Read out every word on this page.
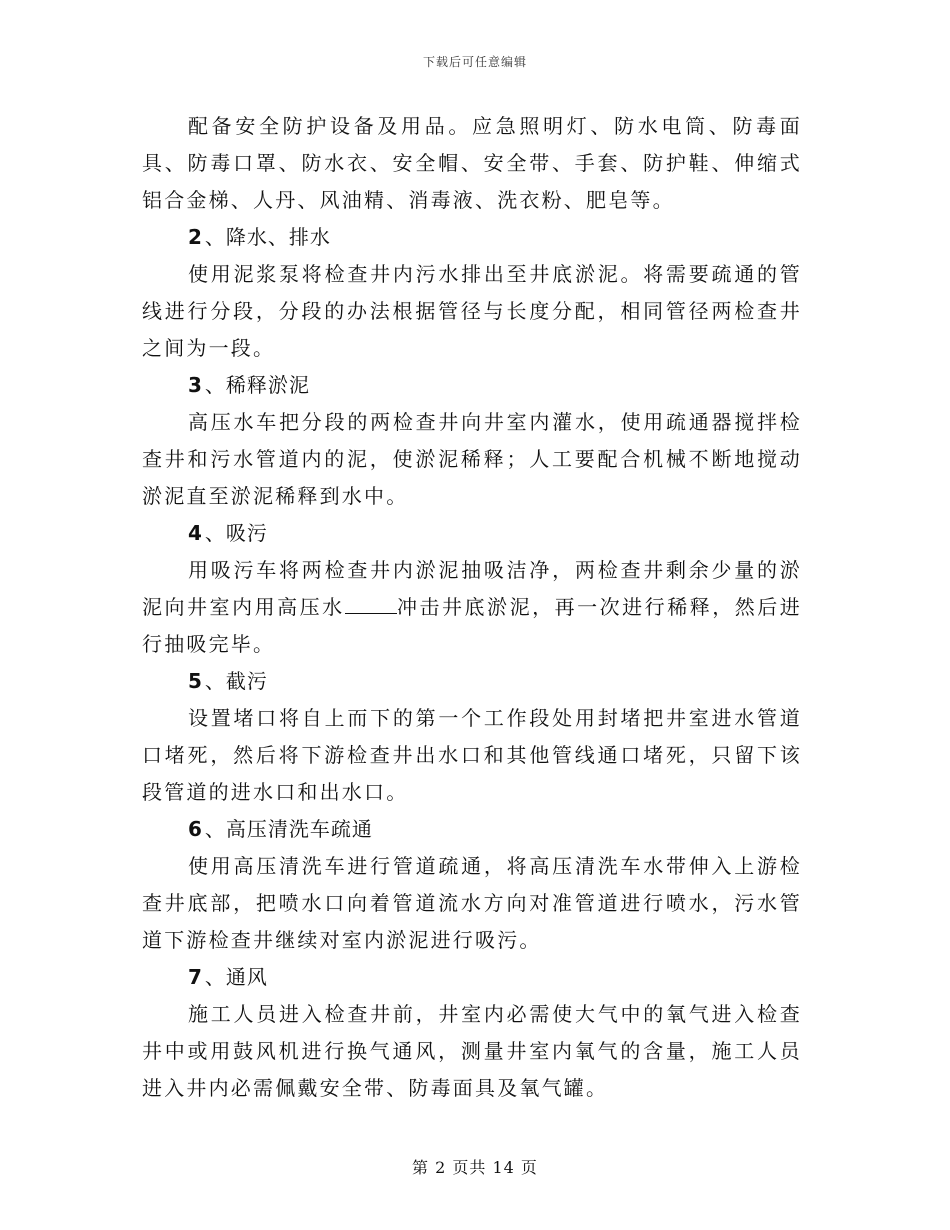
下载后可任意编辑

配备安全防护设备及用品。应急照明灯、防水电筒、防毒面具、防毒口罩、防水衣、安全帽、安全带、手套、防护鞋、伸缩式铝合金梯、人丹、风油精、消毒液、洗衣粉、肥皂等。

2 、降水、排水

使用泥浆泵将检查井内污水排出至井底淤泥。将需要疏通的管线进行分段，分段的办法根据管径与长度分配，相同管径两检查井之间为一段。

3 、稀释淤泥

高压水车把分段的两检查井向井室内灌水，使用疏通器搅拌检查井和污水管道内的泥，使淤泥稀释；人工要配合机械不断地搅动淤泥直至淤泥稀释到水中。

4 、吸污

用吸污车将两检查井内淤泥抽吸洁净，两检查井剩余少量的淤泥向井室内用高压水	冲击井底淤泥，再一次进行稀释，然后进行抽吸完毕。

5 、截污

设置堵口将自上而下的第一个工作段处用封堵把井室进水管道口堵死，然后将下游检查井出水口和其他管线通口堵死，只留下该段管道的进水口和出水口。

6 、高压清洗车疏通

使用高压清洗车进行管道疏通，将高压清洗车水带伸入上游检查井底部，把喷水口向着管道流水方向对准管道进行喷水，污水管道下游检查井继续对室内淤泥进行吸污。

7 、通风

施工人员进入检查井前，井室内必需使大气中的氧气进入检查井中或用鼓风机进行换气通风，测量井室内氧气的含量，施工人员进入井内必需佩戴安全带、防毒面具及氧气罐。

第 2 页共 14 页
